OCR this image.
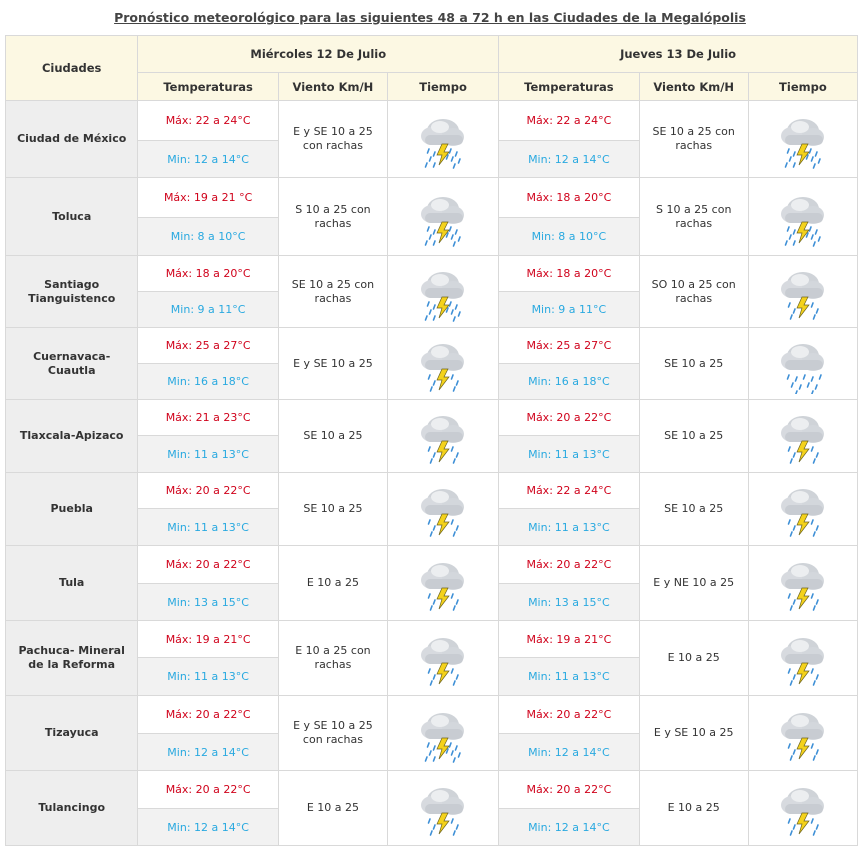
Pronóstico meteorológico para las siguientes 48 a 72 h en las Ciudades de la Megalópolis
Ciudades	Miércoles 12 De Julio			Jueves 13 De Julio		
	Temperaturas	Viento Km/H	Tiempo	Temperaturas	Viento Km/H	Tiempo
Ciudad de México	Máx: 22 a 24°C	E y SE 10 a 25 con rachas		Máx: 22 a 24°C	SE 10 a 25 con rachas	

	Min: 12 a 14°C			Min: 12 a 14°C		
Toluca	Máx: 19 a 21 °C	S 10 a 25 con rachas		Máx: 18 a 20°C	S 10 a 25 con rachas	

	Min: 8 a 10°C			Min: 8 a 10°C		
Santiago Tianguistenco	Máx: 18 a 20°C	SE 10 a 25 con rachas		Máx: 18 a 20°C	SO 10 a 25 con rachas	

	Min: 9 a 11°C			Min: 9 a 11°C		
Cuernavaca-Cuautla	Máx: 25 a 27°C	E y SE 10 a 25		Máx: 25 a 27°C	SE 10 a 25	

	Min: 16 a 18°C			Min: 16 a 18°C		
Tlaxcala-Apizaco	Máx: 21 a 23°C	SE 10 a 25		Máx: 20 a 22°C	SE 10 a 25	

	Min: 11 a 13°C			Min: 11 a 13°C		
Puebla	Máx: 20 a 22°C	SE 10 a 25		Máx: 22 a 24°C	SE 10 a 25	

	Min: 11 a 13°C			Min: 11 a 13°C		
Tula	Máx: 20 a 22°C	E 10 a 25		Máx: 20 a 22°C	E y NE 10 a 25	

	Min: 13 a 15°C			Min: 13 a 15°C		
Pachuca- Mineral de la Reforma	Máx: 19 a 21°C	E 10 a 25 con rachas		Máx: 19 a 21°C	E 10 a 25	

	Min: 11 a 13°C			Min: 11 a 13°C		
Tizayuca	Máx: 20 a 22°C	E y SE 10 a 25 con rachas		Máx: 20 a 22°C	E y SE 10 a 25	

	Min: 12 a 14°C			Min: 12 a 14°C		
Tulancingo	Máx: 20 a 22°C	E 10 a 25		Máx: 20 a 22°C	E 10 a 25	

	Min: 12 a 14°C			Min: 12 a 14°C		
